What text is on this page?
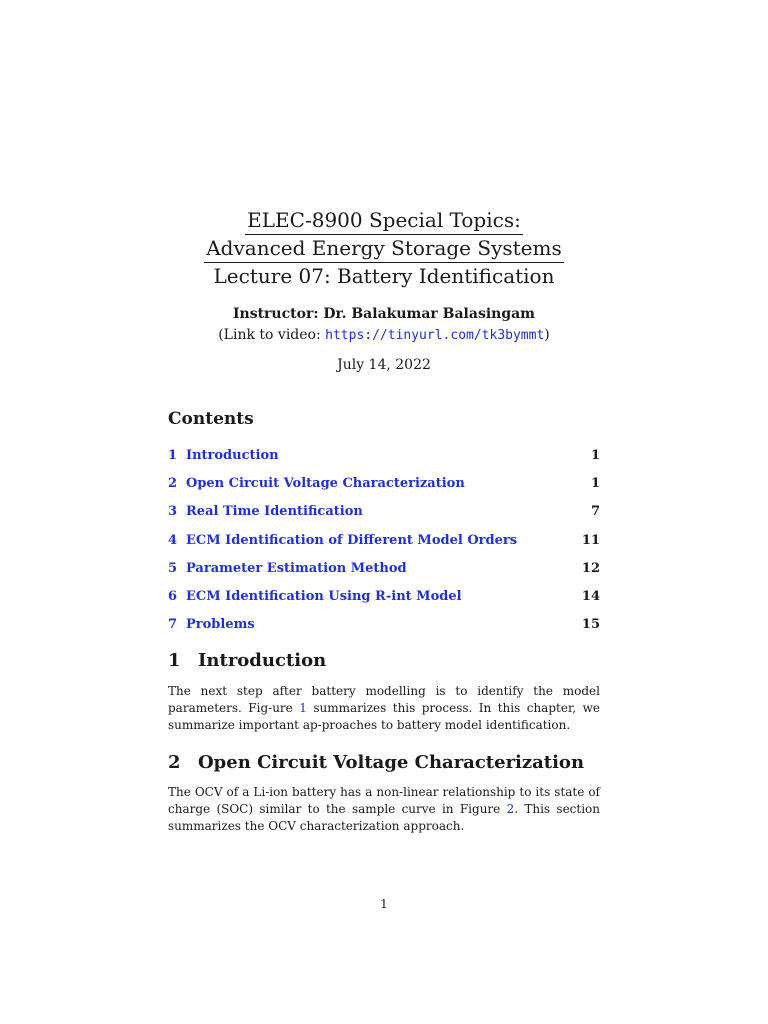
ELEC-8900 Special Topics:
Advanced Energy Storage Systems
Lecture 07: Battery Identification
Instructor: Dr. Balakumar Balasingam
(Link to video: https://tinyurl.com/tk3bymmt)
July 14, 2022
Contents
1 Introduction	1
2 Open Circuit Voltage Characterization	1
3 Real Time Identification	7
4 ECM Identification of Different Model Orders	11
5 Parameter Estimation Method	12
6 ECM Identification Using R-int Model	14
7 Problems	15
1 Introduction
The next step after battery modelling is to identify the model parameters. Fig-ure 1 summarizes this process. In this chapter, we summarize important ap-proaches to battery model identification.
2 Open Circuit Voltage Characterization
The OCV of a Li-ion battery has a non-linear relationship to its state of charge (SOC) similar to the sample curve in Figure 2. This section summarizes the OCV characterization approach.
1
